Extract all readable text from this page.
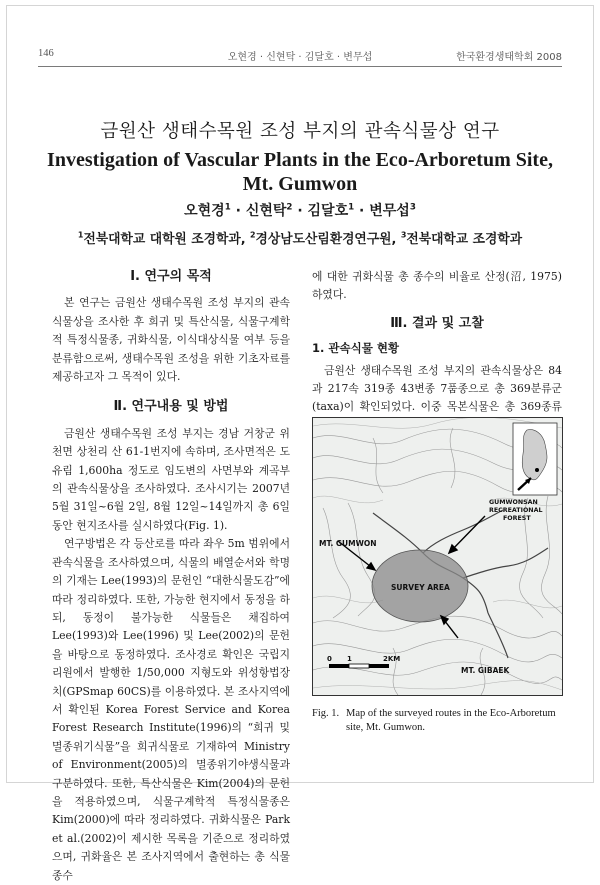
146	오현경 · 신현탁 · 김달호 · 변무섭	한국환경생태학회 2008
금원산 생태수목원 조성 부지의 관속식물상 연구
Investigation of Vascular Plants in the Eco-Arboretum Site,
Mt. Gumwon
오현경$^1$ · 신현탁$^2$ · 김달호$^1$ · 변무섭$^3$
$^1$전북대학교 대학원 조경학과, $^2$경상남도산림환경연구원, $^3$전북대학교 조경학과

Ⅰ. 연구의 목적

본 연구는 금원산 생태수목원 조성 부지의 관속식물상을 조사한 후 희귀 및 특산식물, 식물구계학적 특정식물종, 귀화식물, 이식대상식물 여부 등을 분류함으로써, 생태수목원 조성을 위한 기초자료를 제공하고자 그 목적이 있다.

Ⅱ. 연구내용 및 방법

금원산 생태수목원 조성 부지는 경남 거창군 위천면 상천리 산 61-1번지에 속하며, 조사면적은 도유림 1,600ha 정도로 임도변의 사면부와 계곡부의 관속식물상을 조사하였다. 조사시기는 2007년 5월 31일~6월 2일, 8월 12일~14일까지 총 6일 동안 현지조사를 실시하였다(Fig. 1).

연구방법은 각 등산로를 따라 좌우 5m 범위에서 관속식물을 조사하였으며, 식물의 배열순서와 학명의 기재는 Lee(1993)의 문헌인 “대한식물도감”에 따라 정리하였다. 또한, 가능한 현지에서 동정을 하되, 동정이 불가능한 식물들은 채집하여 Lee(1993)와 Lee(1996) 및 Lee(2002)의 문헌을 바탕으로 동정하였다. 조사경로 확인은 국립지리원에서 발행한 1/50,000 지형도와 위성항법장치(GPSmap 60CS)를 이용하였다. 본 조사지역에서 확인된 Korea Forest Service and Korea Forest Research Institute(1996)의 “희귀 및 멸종위기식물”을 희귀식물로 기재하여 Ministry of Environment(2005)의 멸종위기야생식물과 구분하였다. 또한, 특산식물은 Kim(2004)의 문헌을 적용하였으며, 식물구계학적 특정식물종은 Kim(2000)에 따라 정리하였다. 귀화식물은 Park et al.(2002)이 제시한 목록을 기준으로 정리하였으며, 귀화율은 본 조사지역에서 출현하는 총 식물 종수

에 대한 귀화식물 총 종수의 비율로 산정(沼, 1975)하였다.

Ⅲ. 결과 및 고찰

1. 관속식물 현황

금원산 생태수목원 조성 부지의 관속식물상은 84과 217속 319종 43변종 7품종으로 총 369분류군(taxa)이 확인되었다. 이중 목본식물은 총 369종류

MT. GUMWON
GUMWONSAN
RECREATIONAL
FOREST
SURVEY AREA
MT. GIBAEK
0 1	2KM
Fig. 1. Map of the surveyed routes in the Eco-Arboretum site, Mt. Gumwon.
